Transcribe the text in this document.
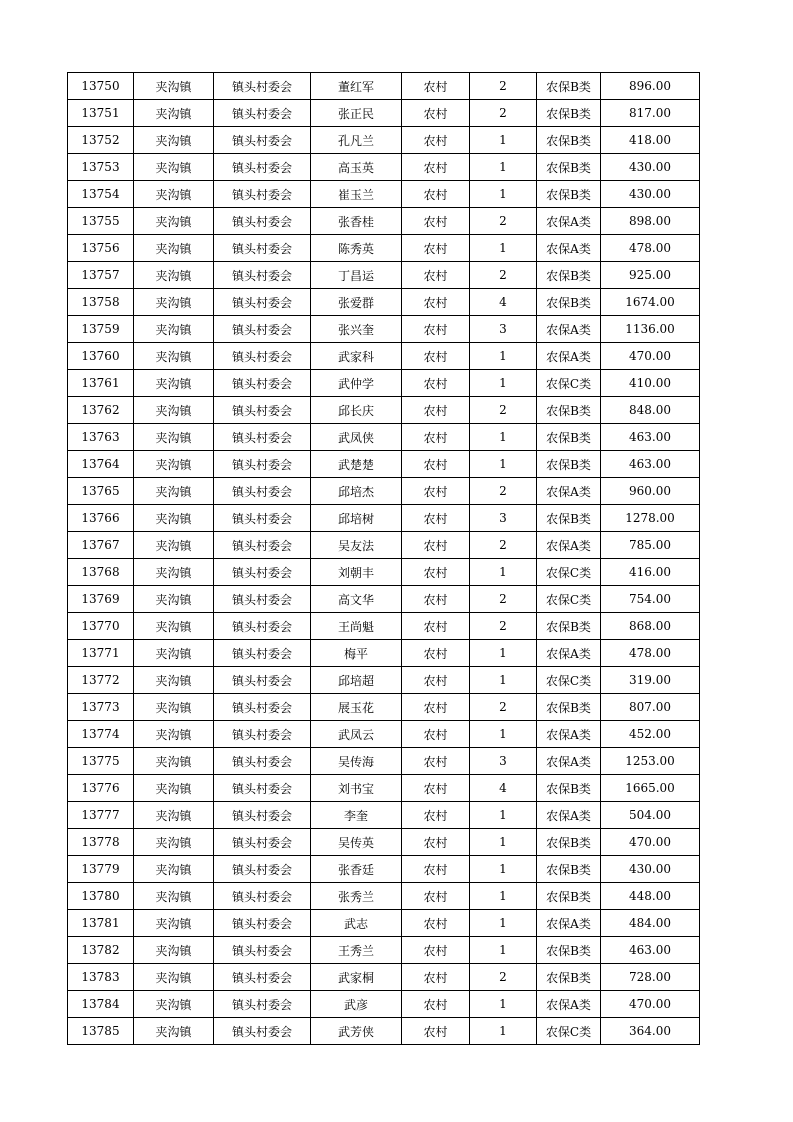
13750	夹沟镇	镇头村委会	董红军	农村	2	农保B类	896.00
13751	夹沟镇	镇头村委会	张正民	农村	2	农保B类	817.00
13752	夹沟镇	镇头村委会	孔凡兰	农村	1	农保B类	418.00
13753	夹沟镇	镇头村委会	高玉英	农村	1	农保B类	430.00
13754	夹沟镇	镇头村委会	崔玉兰	农村	1	农保B类	430.00
13755	夹沟镇	镇头村委会	张香桂	农村	2	农保A类	898.00
13756	夹沟镇	镇头村委会	陈秀英	农村	1	农保A类	478.00
13757	夹沟镇	镇头村委会	丁昌运	农村	2	农保B类	925.00
13758	夹沟镇	镇头村委会	张爱群	农村	4	农保B类	1674.00
13759	夹沟镇	镇头村委会	张兴奎	农村	3	农保A类	1136.00
13760	夹沟镇	镇头村委会	武家科	农村	1	农保A类	470.00
13761	夹沟镇	镇头村委会	武仲学	农村	1	农保C类	410.00
13762	夹沟镇	镇头村委会	邱长庆	农村	2	农保B类	848.00
13763	夹沟镇	镇头村委会	武凤侠	农村	1	农保B类	463.00
13764	夹沟镇	镇头村委会	武楚楚	农村	1	农保B类	463.00
13765	夹沟镇	镇头村委会	邱培杰	农村	2	农保A类	960.00
13766	夹沟镇	镇头村委会	邱培树	农村	3	农保B类	1278.00
13767	夹沟镇	镇头村委会	吴友法	农村	2	农保A类	785.00
13768	夹沟镇	镇头村委会	刘朝丰	农村	1	农保C类	416.00
13769	夹沟镇	镇头村委会	高文华	农村	2	农保C类	754.00
13770	夹沟镇	镇头村委会	王尚魁	农村	2	农保B类	868.00
13771	夹沟镇	镇头村委会	梅平	农村	1	农保A类	478.00
13772	夹沟镇	镇头村委会	邱培超	农村	1	农保C类	319.00
13773	夹沟镇	镇头村委会	展玉花	农村	2	农保B类	807.00
13774	夹沟镇	镇头村委会	武凤云	农村	1	农保A类	452.00
13775	夹沟镇	镇头村委会	吴传海	农村	3	农保A类	1253.00
13776	夹沟镇	镇头村委会	刘书宝	农村	4	农保B类	1665.00
13777	夹沟镇	镇头村委会	李奎	农村	1	农保A类	504.00
13778	夹沟镇	镇头村委会	吴传英	农村	1	农保B类	470.00
13779	夹沟镇	镇头村委会	张香廷	农村	1	农保B类	430.00
13780	夹沟镇	镇头村委会	张秀兰	农村	1	农保B类	448.00
13781	夹沟镇	镇头村委会	武志	农村	1	农保A类	484.00
13782	夹沟镇	镇头村委会	王秀兰	农村	1	农保B类	463.00
13783	夹沟镇	镇头村委会	武家桐	农村	2	农保B类	728.00
13784	夹沟镇	镇头村委会	武彦	农村	1	农保A类	470.00
13785	夹沟镇	镇头村委会	武芳侠	农村	1	农保C类	364.00
